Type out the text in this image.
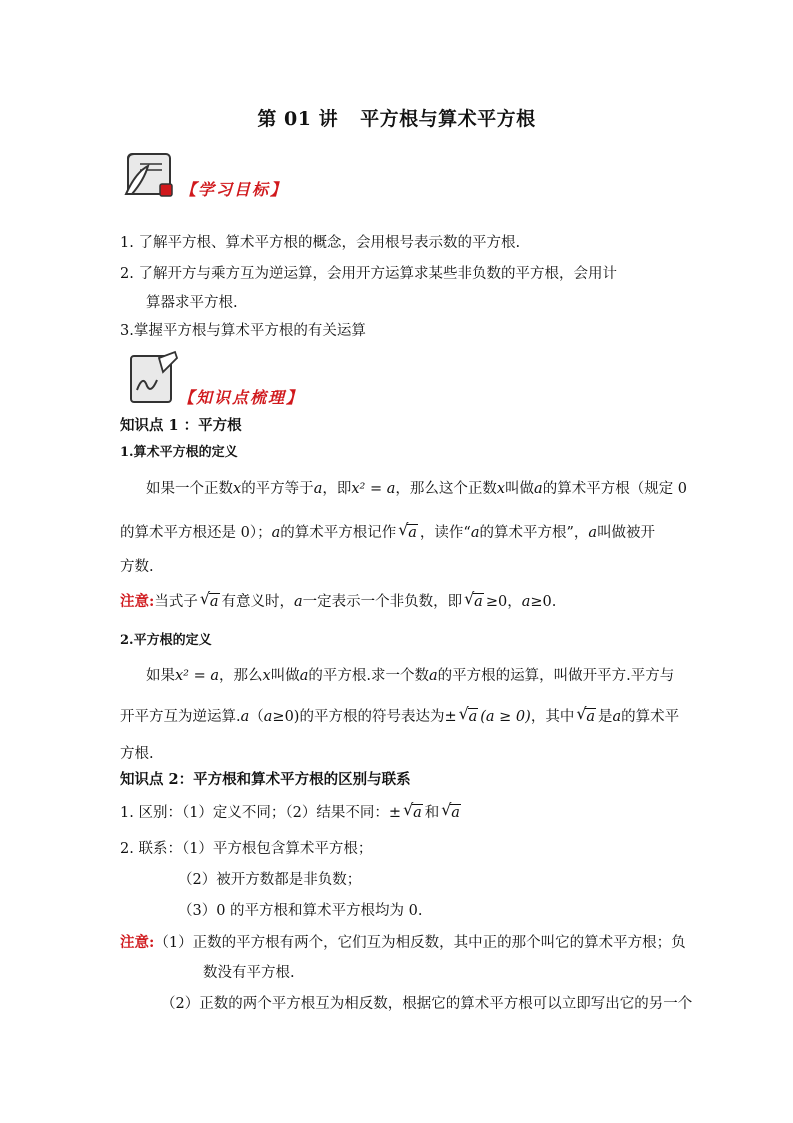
第 01 讲 平方根与算术平方根
【学习目标】
1. 了解平方根、算术平方根的概念，会用根号表示数的平方根.
2. 了解开方与乘方互为逆运算，会用开方运算求某些非负数的平方根，会用计
算器求平方根.
3.掌握平方根与算术平方根的有关运算
【知识点梳理】
知识点 1 ：平方根
1.算术平方根的定义
如果一个正数x的平方等于a，即x² = a，那么这个正数x叫做a的算术平方根（规定 0
的算术平方根还是 0）；a的算术平方根记作 √ a ，读作“a的算术平方根”，a叫做被开
方数.
注意:当式子 √ a 有意义时，a一定表示一个非负数，即 √ a ≥0，a≥0.
2.平方根的定义
如果x² = a，那么x叫做a的平方根.求一个数a的平方根的运算，叫做开平方.平方与
开平方互为逆运算.a（a≥0)的平方根的符号表达为± √ a (a ≥ 0)，其中 √ a 是a的算术平
方根.
知识点 2：平方根和算术平方根的区别与联系
1. 区别：（1）定义不同；（2）结果不同：± √ a 和 √ a
2. 联系：（1）平方根包含算术平方根；
（2）被开方数都是非负数；
（3）0 的平方根和算术平方根均为 0.
注意:（1）正数的平方根有两个，它们互为相反数，其中正的那个叫它的算术平方根；负
数没有平方根.
（2）正数的两个平方根互为相反数，根据它的算术平方根可以立即写出它的另一个
